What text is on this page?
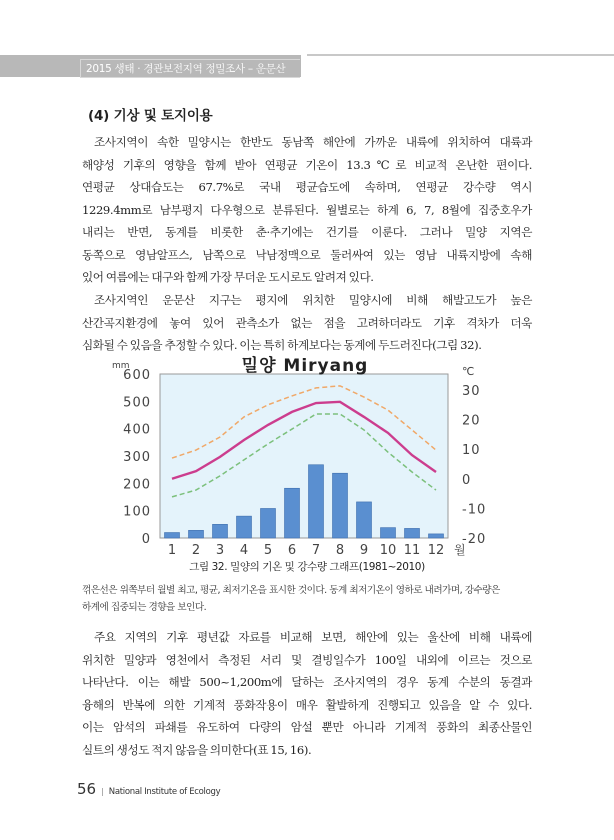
2015 생태 · 경관보전지역 정밀조사 – 운문산
(4) 기상 및 토지이용
조사지역이 속한 밀양시는 한반도 동남쪽 해안에 가까운 내륙에 위치하여 대륙과
해양성 기후의 영향을 함께 받아 연평균 기온이 13.3℃로 비교적 온난한 편이다.
연평균 상대습도는 67.7%로 국내 평균습도에 속하며, 연평균 강수량 역시
1229.4mm로 남부평지 다우형으로 분류된다. 월별로는 하계 6, 7, 8월에 집중호우가
내리는 반면, 동계를 비롯한 춘·추기에는 건기를 이룬다. 그러나 밀양 지역은
동쪽으로 영남알프스, 남쪽으로 낙남정맥으로 둘러싸여 있는 영남 내륙지방에 속해
있어 여름에는 대구와 함께 가장 무더운 도시로도 알려져 있다.
조사지역인 운문산 지구는 평지에 위치한 밀양시에 비해 해발고도가 높은
산간곡지환경에 놓여 있어 관측소가 없는 점을 고려하더라도 기후 격차가 더욱
심화될 수 있음을 추정할 수 있다. 이는 특히 하계보다는 동계에 두드러진다(그림 32).
밀양 Miryang
mm	℃
600
500
400
300
200
100
0
30
20
10
0
-10
-20
1 2 3 4 5 6 7 8 9 10 11 12 월
그림 32. 밀양의 기온 및 강수량 그래프(1981~2010)
꺾은선은 위쪽부터 월별 최고, 평균, 최저기온을 표시한 것이다. 동계 최저기온이 영하로 내려가며, 강수량은
하계에 집중되는 경향을 보인다.
주요 지역의 기후 평년값 자료를 비교해 보면, 해안에 있는 울산에 비해 내륙에
위치한 밀양과 영천에서 측정된 서리 및 결빙일수가 100일 내외에 이르는 것으로
나타난다. 이는 해발 500~1,200m에 달하는 조사지역의 경우 동계 수분의 동결과
융해의 반복에 의한 기계적 풍화작용이 매우 활발하게 진행되고 있음을 알 수 있다.
이는 암석의 파쇄를 유도하여 다량의 암설 뿐만 아니라 기계적 풍화의 최종산물인
실트의 생성도 적지 않음을 의미한다(표 15, 16).
56 | National Institute of Ecology
